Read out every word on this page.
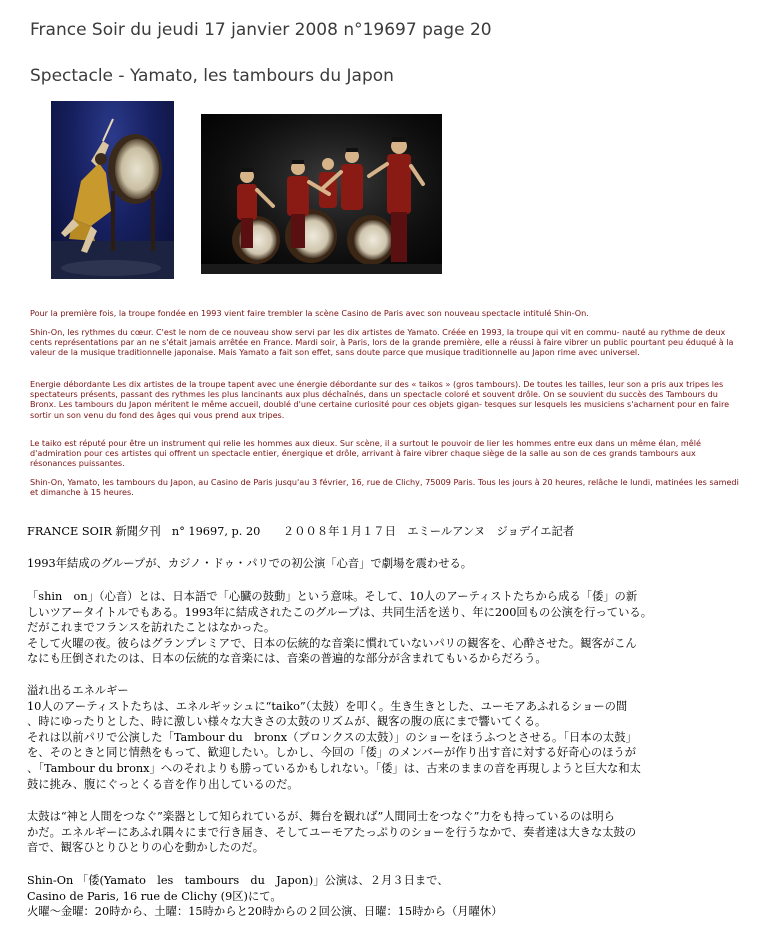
France Soir du jeudi 17 janvier 2008 n°19697 page 20
Spectacle - Yamato, les tambours du Japon

Pour la première fois, la troupe fondée en 1993 vient faire trembler la scène Casino de Paris avec son nouveau spectacle intitulé Shin-On.

Shin-On, les rythmes du cœur. C'est le nom de ce nouveau show servi par les dix artistes de Yamato. Créée en 1993, la troupe qui vit en commu- nauté au rythme de deux cents représentations par an ne s'était jamais arrêtée en France. Mardi soir, à Paris, lors de la grande première, elle a réussi à faire vibrer un public pourtant peu éduqué à la valeur de la musique traditionnelle japonaise. Mais Yamato a fait son effet, sans doute parce que musique traditionnelle au Japon rime avec universel.

Energie débordante Les dix artistes de la troupe tapent avec une énergie débordante sur des « taikos » (gros tambours). De toutes les tailles, leur son a pris aux tripes les spectateurs présents, passant des rythmes les plus lancinants aux plus déchaînés, dans un spectacle coloré et souvent drôle. On se souvient du succès des Tambours du Bronx. Les tambours du Japon méritent le même accueil, doublé d'une certaine curiosité pour ces objets gigan- tesques sur lesquels les musiciens s'acharnent pour en faire sortir un son venu du fond des âges qui vous prend aux tripes.

Le taiko est réputé pour être un instrument qui relie les hommes aux dieux. Sur scène, il a surtout le pouvoir de lier les hommes entre eux dans un même élan, mêlé d'admiration pour ces artistes qui offrent un spectacle entier, énergique et drôle, arrivant à faire vibrer chaque siège de la salle au son de ces grands tambours aux résonances puissantes.

Shin-On, Yamato, les tambours du Japon, au Casino de Paris jusqu'au 3 février, 16, rue de Clichy, 75009 Paris. Tous les jours à 20 heures, relâche le lundi, matinées les samedi et dimanche à 15 heures.

FRANCE SOIR 新聞夕刊　n° 19697, p. 20　　２００８年１月１７日　エミールアンヌ　ジョデイエ記者

1993年結成のグループが、カジノ・ドゥ・パリでの初公演「心音」で劇場を震わせる。

「shin　on」（心音）とは、日本語で「心臓の鼓動」という意味。そして、10人のアーティストたちから成る「倭」の新
しいツアータイトルでもある。1993年に結成されたこのグループは、共同生活を送り、年に200回もの公演を行っている。
だがこれまでフランスを訪れたことはなかった。
そして火曜の夜。彼らはグランプレミアで、日本の伝統的な音楽に慣れていないパリの観客を、心酔させた。観客がこん
なにも圧倒されたのは、日本の伝統的な音楽には、音楽の普遍的な部分が含まれてもいるからだろう。

溢れ出るエネルギー
10人のアーティストたちは、エネルギッシュに“taiko”（太鼓）を叩く。生き生きとした、ユーモアあふれるショーの間
、時にゆったりとした、時に激しい様々な大きさの太鼓のリズムが、観客の腹の底にまで響いてくる。
それは以前パリで公演した「Tambour du　bronx（ブロンクスの太鼓）」のショーをほうふつとさせる。「日本の太鼓」
を、そのときと同じ情熱をもって、歓迎したい。しかし、今回の「倭」のメンバーが作り出す音に対する好奇心のほうが
、「Tambour du bronx」へのそれよりも勝っているかもしれない。「倭」は、古来のままの音を再現しようと巨大な和太
鼓に挑み、腹にぐっとくる音を作り出しているのだ。

太鼓は“神と人間をつなぐ”楽器として知られているが、舞台を観れば”人間同士をつなぐ”力をも持っているのは明ら
かだ。エネルギーにあふれ隅々にまで行き届き、そしてユーモアたっぷりのショーを行うなかで、奏者達は大きな太鼓の
音で、観客ひとりひとりの心を動かしたのだ。

Shin-On 「倭(Yamato　les　tambours　du　Japon)」公演は、２月３日まで、
Casino de Paris, 16 rue de Clichy (9区)にて。
火曜～金曜：20時から、土曜：15時からと20時からの２回公演、日曜：15時から（月曜休）
